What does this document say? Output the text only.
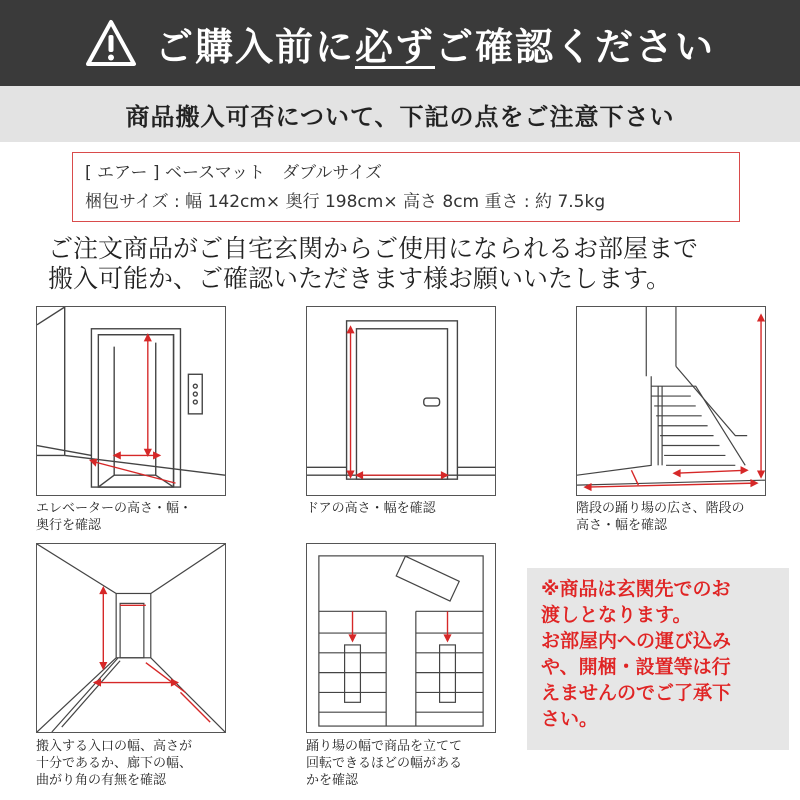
ご購入前に必ずご確認ください
商品搬入可否について、下記の点をご注意下さい
[ エアー ] ベースマット　ダブルサイズ
梱包サイズ : 幅 142cm× 奥行 198cm× 高さ 8cm 重さ : 約 7.5kg
ご注文商品がご自宅玄関からご使用になられるお部屋まで
搬入可能か、ご確認いただきます様お願いいたします。
エレベーターの高さ・幅・
奥行を確認
ドアの高さ・幅を確認	階段の踊り場の広さ、階段の
高さ・幅を確認
搬入する入口の幅、高さが
十分であるか、廊下の幅、
曲がり角の有無を確認
踊り場の幅で商品を立てて
回転できるほどの幅がある
かを確認
※商品は玄関先でのお
渡しとなります。
お部屋内への運び込み
や、開梱・設置等は行
えませんのでご了承下
さい。
